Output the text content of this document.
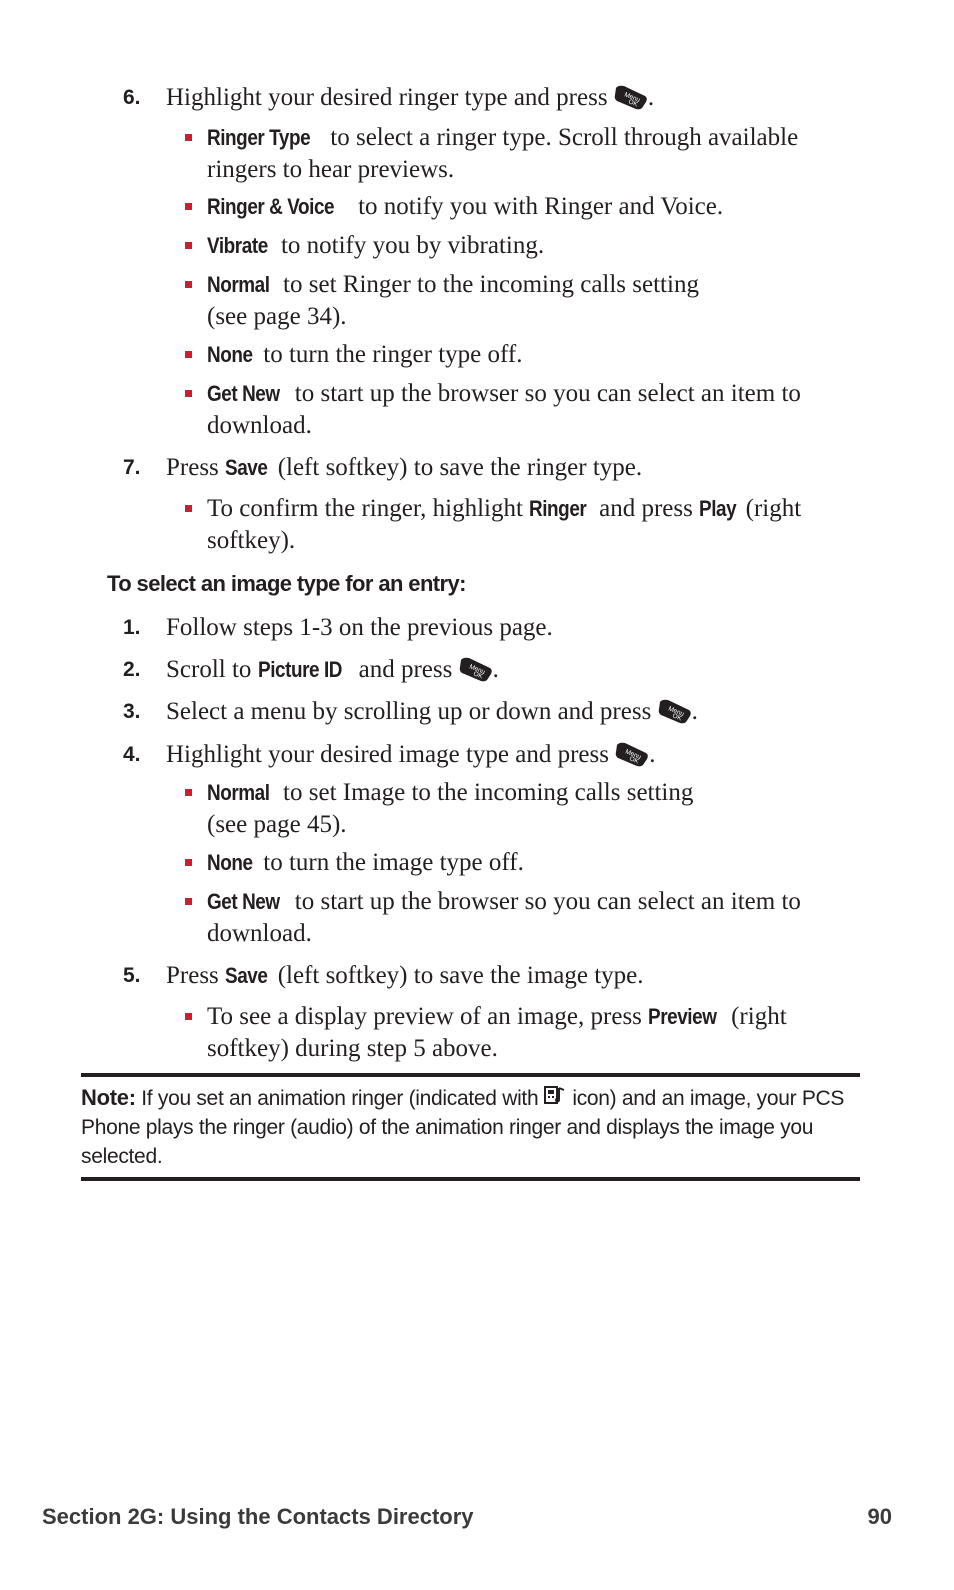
6.	Highlight your desired ringer type and press .
Ringer Type to select a ringer type. Scroll through available ringers to hear previews.
Ringer & Voice to notify you with Ringer and Voice.
Vibrate to notify you by vibrating.
Normal to set Ringer to the incoming calls setting
(see page 34).
None to turn the ringer type off.
Get New to start up the browser so you can select an item to download.
7.	Press Save (left softkey) to save the ringer type.
To confirm the ringer, highlight Ringer and press Play (right softkey).
To select an image type for an entry:
1.	Follow steps 1-3 on the previous page.
2.	Scroll to Picture ID and press .
3.	Select a menu by scrolling up or down and press .
4.	Highlight your desired image type and press .
Normal to set Image to the incoming calls setting
(see page 45).
None to turn the image type off.
Get New to start up the browser so you can select an item to download.
5.	Press Save (left softkey) to save the image type.
To see a display preview of an image, press Preview (right softkey) during step 5 above.
Note: If you set an animation ringer (indicated with icon) and an image, your PCS Phone plays the ringer (audio) of the animation ringer and displays the image you selected.
Section 2G: Using the Contacts Directory	90
